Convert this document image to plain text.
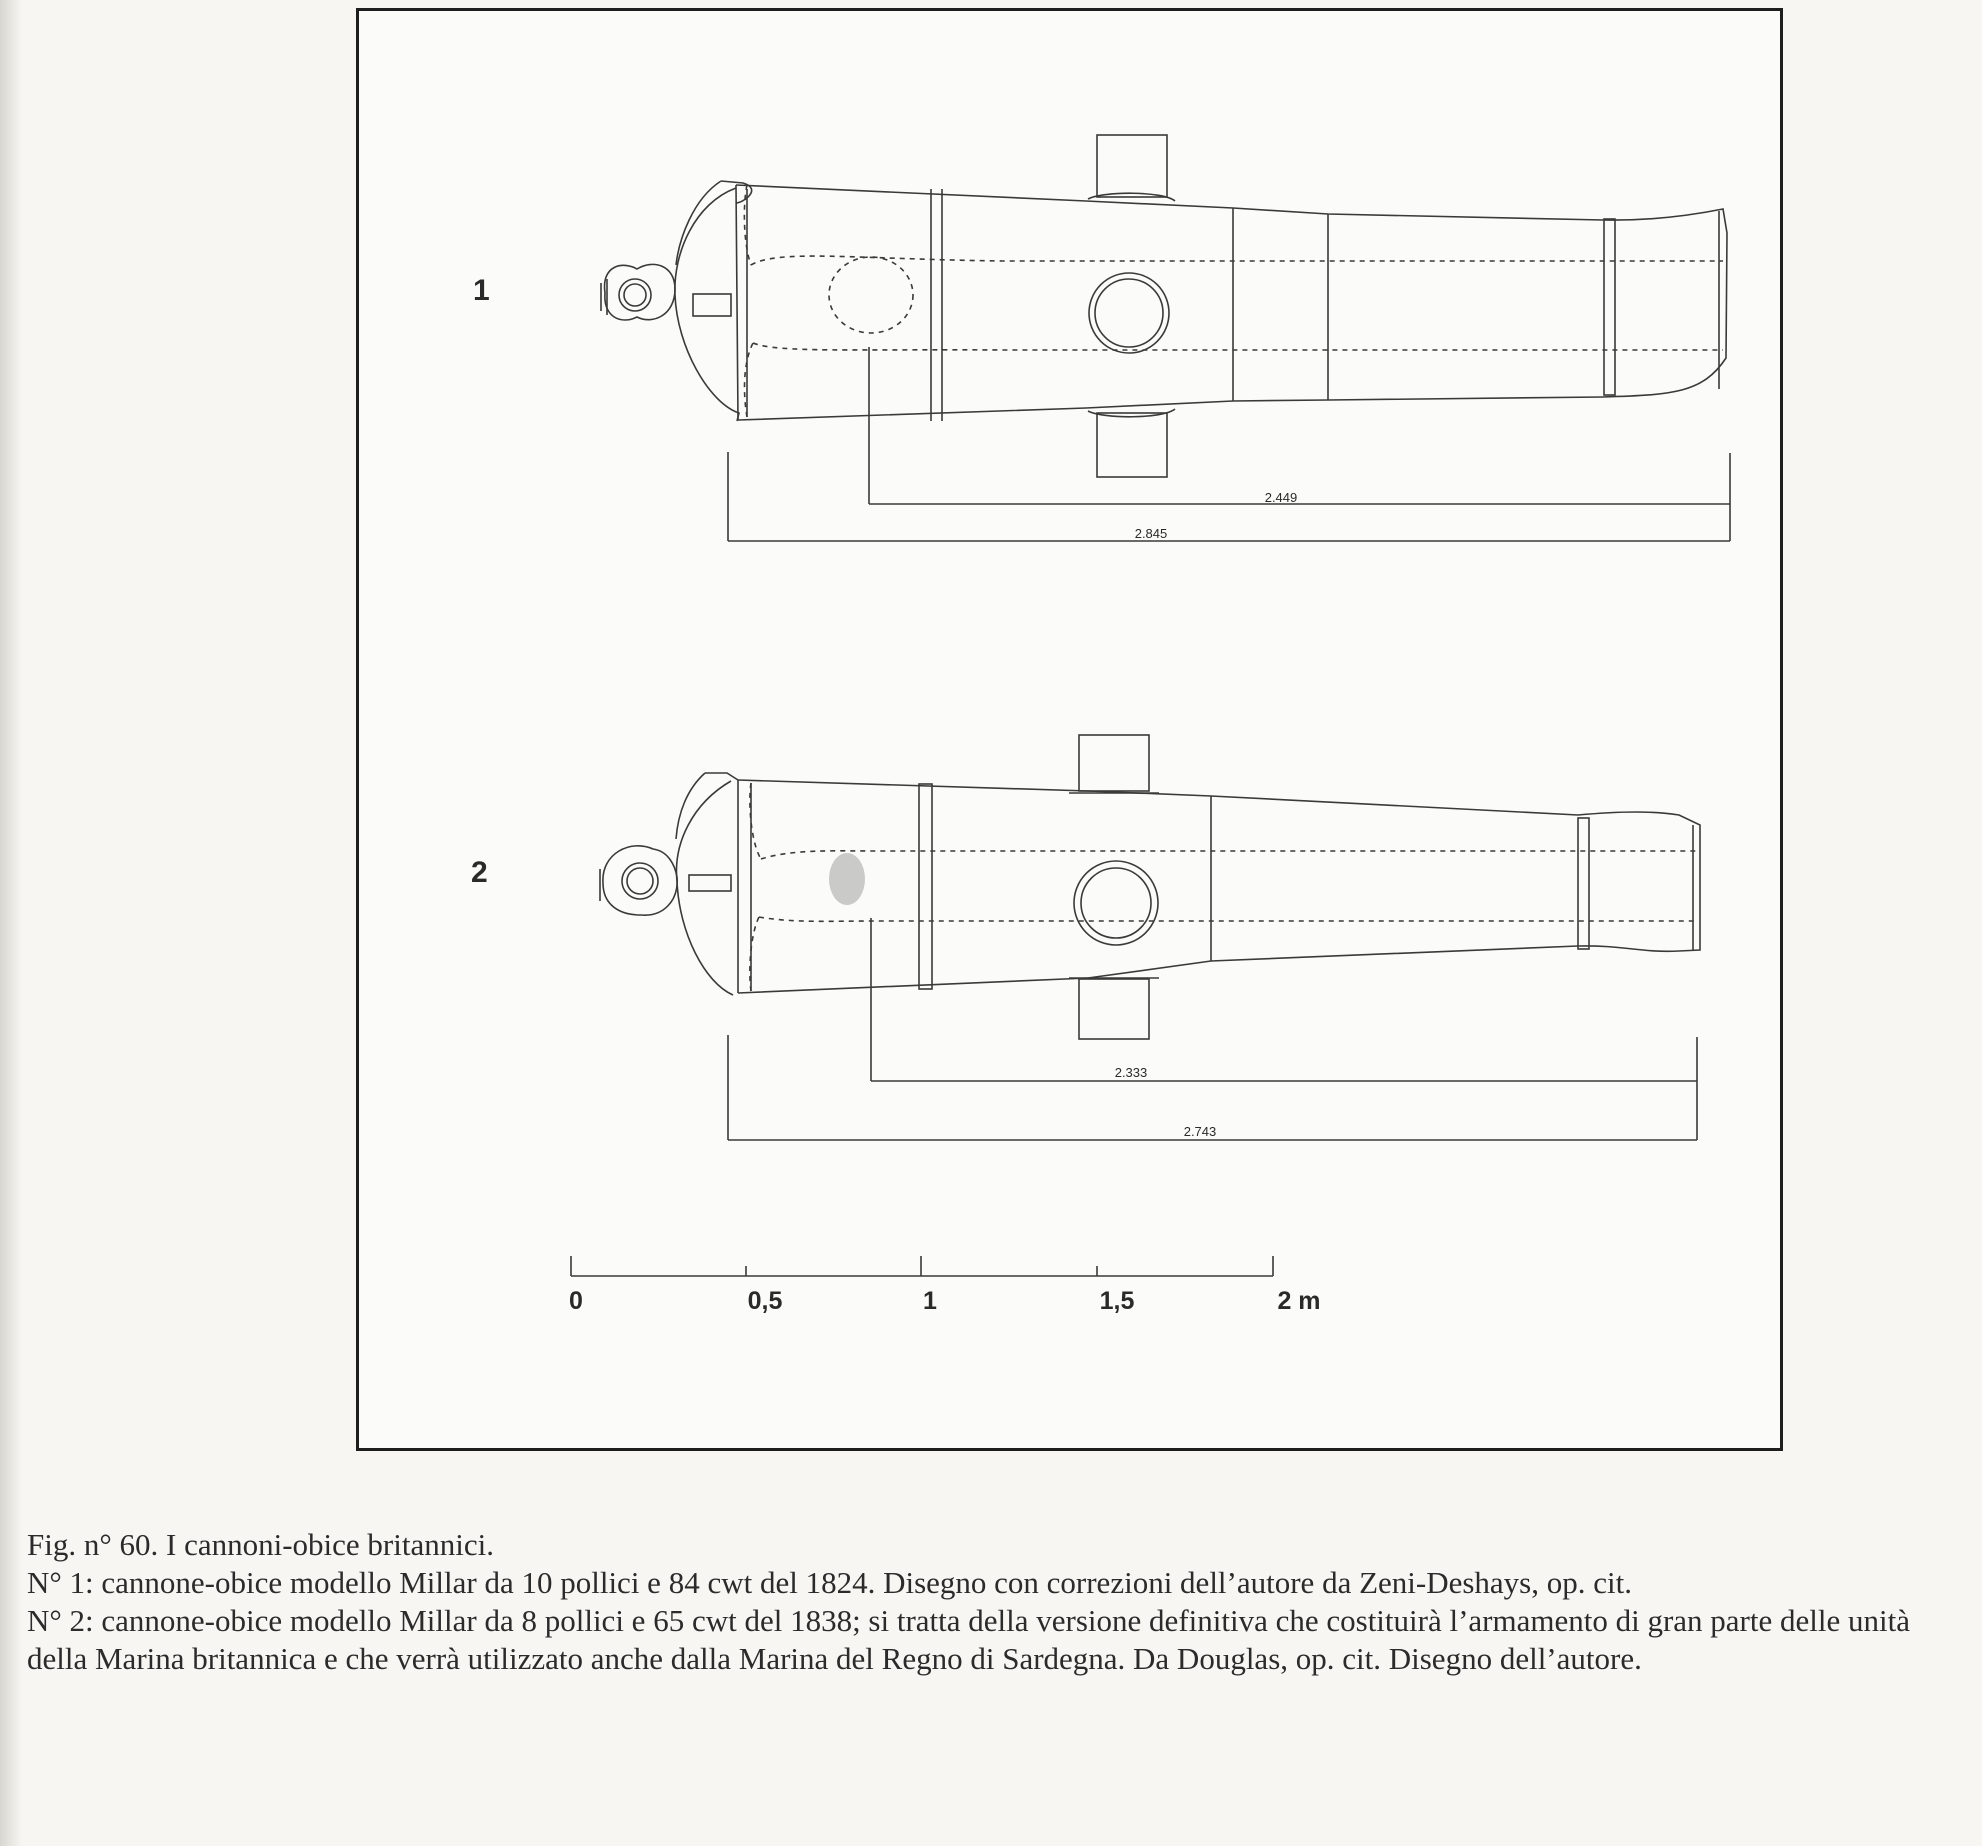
1
2.449
2.845
2
2.333
2.743
0	0,5	1	1,5	2 m

Fig. n° 60. I cannoni-obice britannici.

N° 1: cannone-obice modello Millar da 10 pollici e 84 cwt del 1824. Disegno con correzioni dell’autore da Zeni-Deshays, op. cit.

N° 2: cannone-obice modello Millar da 8 pollici e 65 cwt del 1838; si tratta della versione definitiva che costituirà l’armamento di gran parte delle unità della Marina britannica e che verrà utilizzato anche dalla Marina del Regno di Sardegna. Da Douglas, op. cit. Disegno dell’autore.
